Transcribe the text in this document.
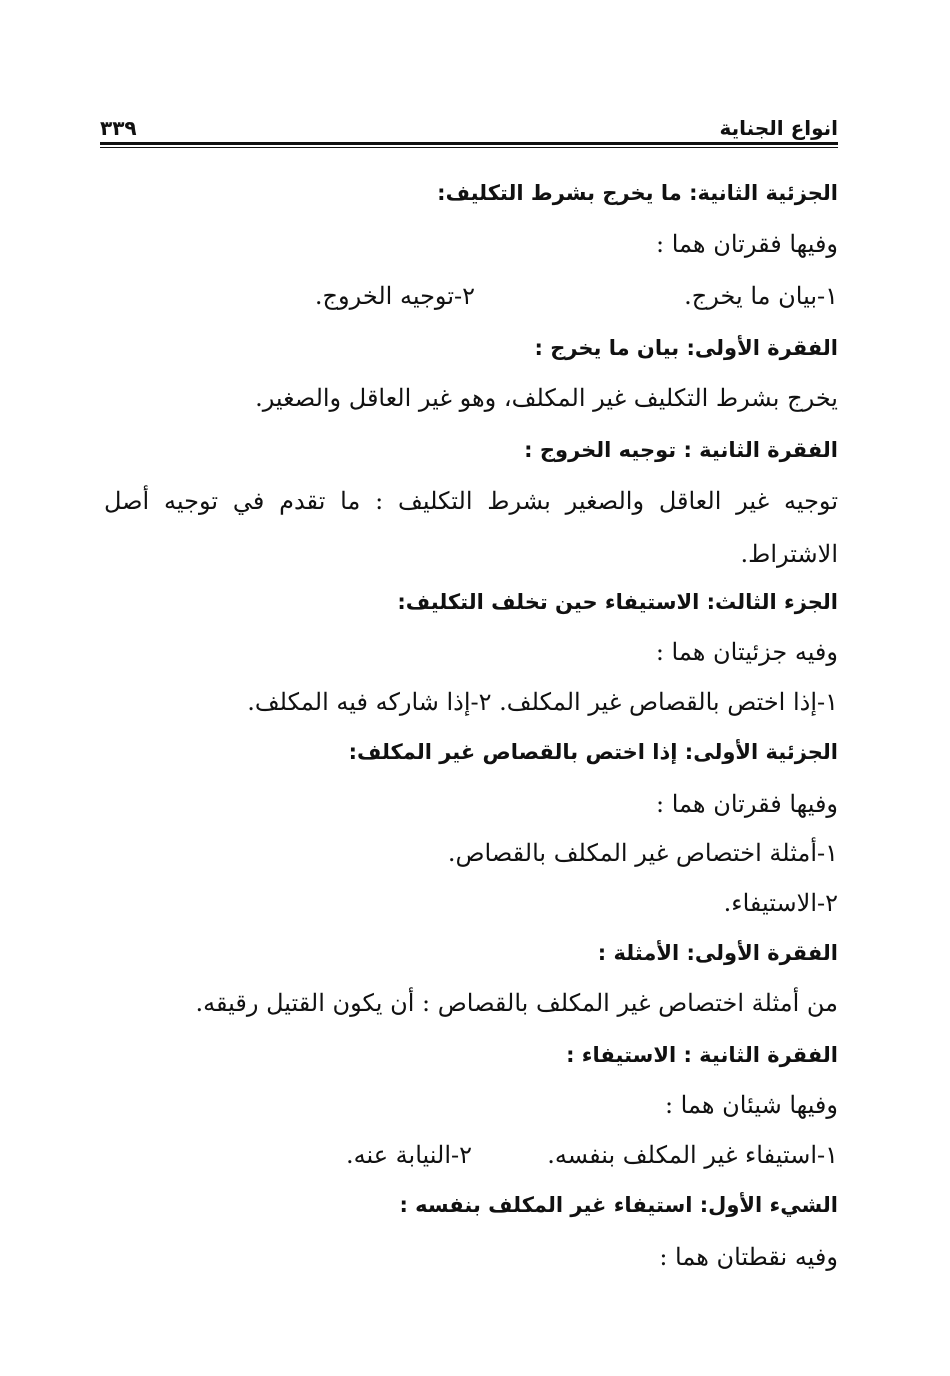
انواع الجناية
٣٣٩
الجزئية الثانية: ما يخرج بشرط التكليف:
وفيها فقرتان هما :
١-بيان ما يخرج.
٢-توجيه الخروج.
الفقرة الأولى: بيان ما يخرج :
يخرج بشرط التكليف غير المكلف، وهو غير العاقل والصغير.
الفقرة الثانية : توجيه الخروج :
توجيه غير العاقل والصغير بشرط التكليف : ما تقدم في توجيه أصل
الاشتراط.
الجزء الثالث: الاستيفاء حين تخلف التكليف:
وفيه جزئيتان هما :
١-إذا اختص بالقصاص غير المكلف. ٢-إذا شاركه فيه المكلف.
الجزئية الأولى: إذا اختص بالقصاص غير المكلف:
وفيها فقرتان هما :
١-أمثلة اختصاص غير المكلف بالقصاص.
٢-الاستيفاء.
الفقرة الأولى: الأمثلة :
من أمثلة اختصاص غير المكلف بالقصاص : أن يكون القتيل رقيقه.
الفقرة الثانية : الاستيفاء :
وفيها شيئان هما :
١-استيفاء غير المكلف بنفسه.
٢-النيابة عنه.
الشيء الأول: استيفاء غير المكلف بنفسه :
وفيه نقطتان هما :
